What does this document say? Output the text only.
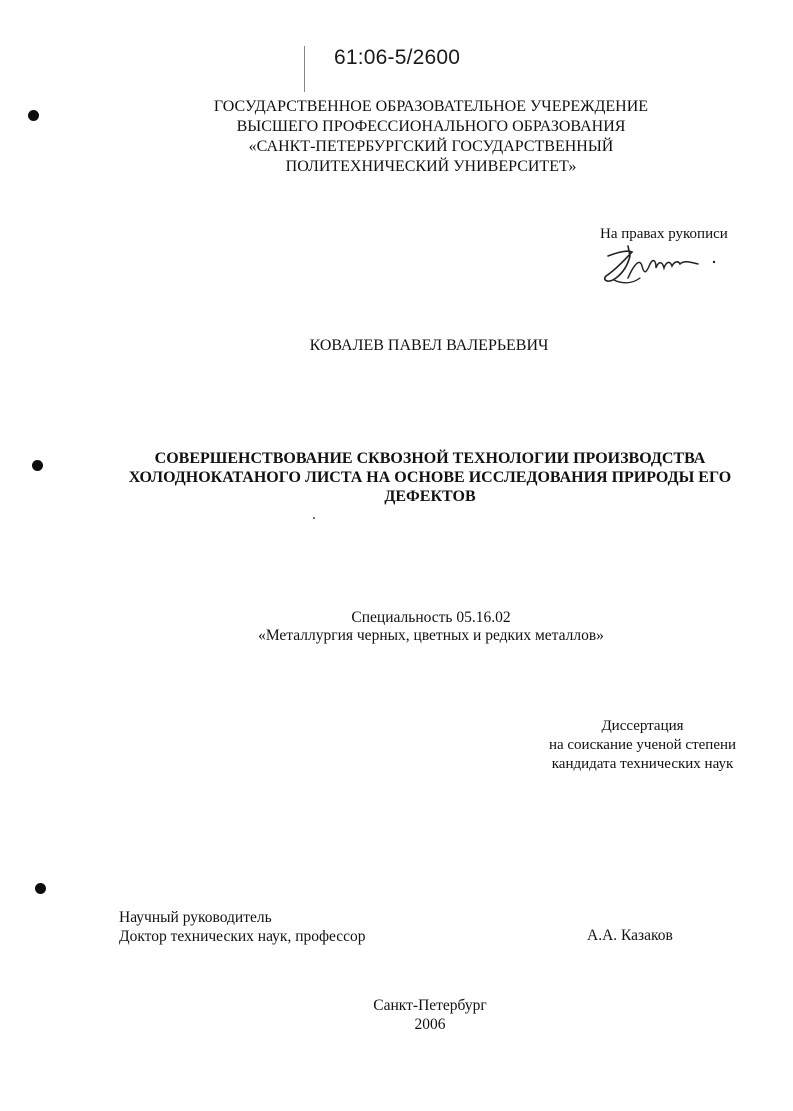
61:06-5/2600
ГОСУДАРСТВЕННОЕ ОБРАЗОВАТЕЛЬНОЕ УЧЕРЕЖДЕНИЕ
ВЫСШЕГО ПРОФЕССИОНАЛЬНОГО ОБРАЗОВАНИЯ
«САНКТ-ПЕТЕРБУРГСКИЙ ГОСУДАРСТВЕННЫЙ
ПОЛИТЕХНИЧЕСКИЙ УНИВЕРСИТЕТ»
На правах рукописи
КОВАЛЕВ ПАВЕЛ ВАЛЕРЬЕВИЧ
СОВЕРШЕНСТВОВАНИЕ СКВОЗНОЙ ТЕХНОЛОГИИ ПРОИЗВОДСТВА
ХОЛОДНОКАТАНОГО ЛИСТА НА ОСНОВЕ ИССЛЕДОВАНИЯ ПРИРОДЫ ЕГО
ДЕФЕКТОВ
Специальность 05.16.02
«Металлургия черных, цветных и редких металлов»
Диссертация
на соискание ученой степени
кандидата технических наук
Научный руководитель
Доктор технических наук, профессор	А.А. Казаков
Санкт-Петербург
2006
